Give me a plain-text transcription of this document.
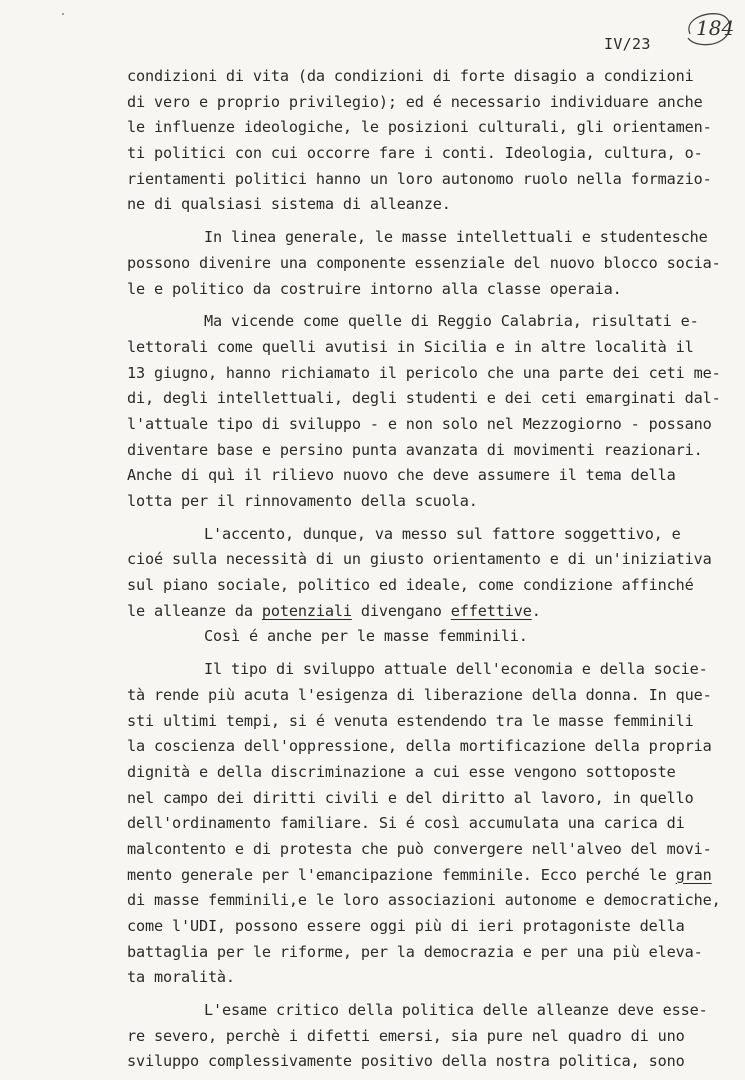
IV/23
184
condizioni di vita (da condizioni di forte disagio a condizioni
di vero e proprio privilegio); ed é necessario individuare anche
le influenze ideologiche, le posizioni culturali, gli orientamen-
ti politici con cui occorre fare i conti. Ideologia, cultura, o-
rientamenti politici hanno un loro autonomo ruolo nella formazio-
ne di qualsiasi sistema di alleanze.
In linea generale, le masse intellettuali e studentesche
possono divenire una componente essenziale del nuovo blocco socia-
le e politico da costruire intorno alla classe operaia.
Ma vicende come quelle di Reggio Calabria, risultati e-
lettorali come quelli avutisi in Sicilia e in altre località il
13 giugno, hanno richiamato il pericolo che una parte dei ceti me-
di, degli intellettuali, degli studenti e dei ceti emarginati dal-
l'attuale tipo di sviluppo - e non solo nel Mezzogiorno - possano
diventare base e persino punta avanzata di movimenti reazionari.
Anche di quì il rilievo nuovo che deve assumere il tema della
lotta per il rinnovamento della scuola.
L'accento, dunque, va messo sul fattore soggettivo, e
cioé sulla necessità di un giusto orientamento e di un'iniziativa
sul piano sociale, politico ed ideale, come condizione affinché
le alleanze da potenziali divengano effettive.
Così é anche per le masse femminili.
Il tipo di sviluppo attuale dell'economia e della socie-
tà rende più acuta l'esigenza di liberazione della donna. In que-
sti ultimi tempi, si é venuta estendendo tra le masse femminili
la coscienza dell'oppressione, della mortificazione della propria
dignità e della discriminazione a cui esse vengono sottoposte
nel campo dei diritti civili e del diritto al lavoro, in quello
dell'ordinamento familiare. Si é così accumulata una carica di
malcontento e di protesta che può convergere nell'alveo del movi-
mento generale per l'emancipazione femminile. Ecco perché le gran
di masse femminili,e le loro associazioni autonome e democratiche,
come l'UDI, possono essere oggi più di ieri protagoniste della
battaglia per le riforme, per la democrazia e per una più eleva-
ta moralità.
L'esame critico della politica delle alleanze deve esse-
re severo, perchè i difetti emersi, sia pure nel quadro di uno
sviluppo complessivamente positivo della nostra politica, sono
